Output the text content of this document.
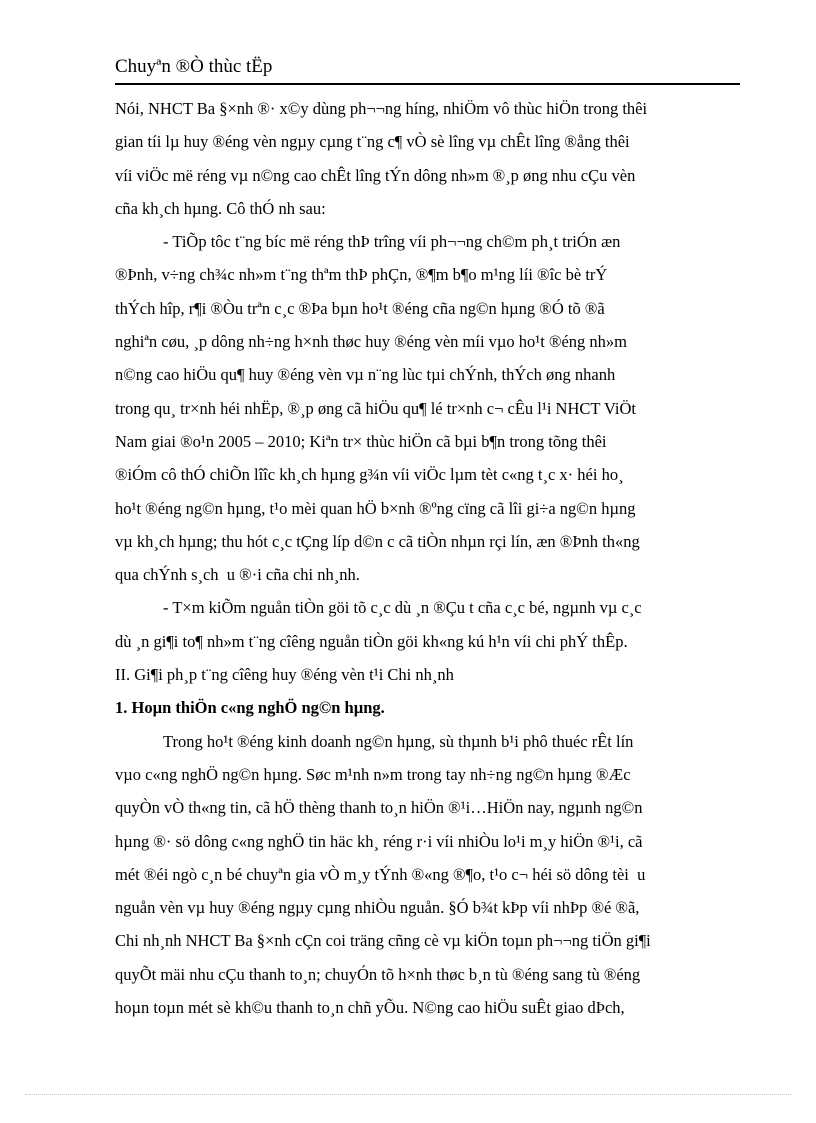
Chuyªn ®Ò thùc tËp

Nói, NHCT Ba §×nh ®· x©y dùng ph¬¬ng híng, nhiÖm vô thùc hiÖn trong thêi
gian tíi lµ huy ®éng vèn ngµy cµng t¨ng c¶ vÒ sè lîng vµ chÊt lîng ®ång thêi
víi viÖc më réng vµ n©ng cao chÊt lîng tÝn dông nh»m ®¸p øng nhu cÇu vèn
cña kh¸ch hµng. Cô thÓ nh sau:

- TiÕp tôc t¨ng bíc më réng thÞ trîng víi ph¬¬ng ch©m ph¸t triÓn æn
®Þnh, v÷ng ch¾c nh»m t¨ng thªm thÞ phÇn, ®¶m b¶o m¹ng líi ®îc bè trÝ
thÝch hîp, r¶i ®Òu trªn c¸c ®Þa bµn ho¹t ®éng cña ng©n hµng ®Ó tõ ®ã
nghiªn cøu, ¸p dông nh÷ng h×nh thøc huy ®éng vèn míi vµo ho¹t ®éng nh»m
n©ng cao hiÖu qu¶ huy ®éng vèn vµ n¨ng lùc tµi chÝnh, thÝch øng nhanh
trong qu¸ tr×nh héi nhËp, ®¸p øng cã hiÖu qu¶ lé tr×nh c¬ cÊu l¹i NHCT ViÖt
Nam giai ®o¹n 2005 – 2010; Kiªn tr× thùc hiÖn cã bµi b¶n trong tõng thêi
®iÓm cô thÓ chiÕn lîîc kh¸ch hµng g¾n víi viÖc lµm tèt c«ng t¸c x· héi ho¸
ho¹t ®éng ng©n hµng, t¹o mèi quan hÖ b×nh ®ºng cïng cã lîi gi÷a ng©n hµng
vµ kh¸ch hµng; thu hót c¸c tÇng líp d©n c cã tiÒn nhµn rçi lín, æn ®Þnh th«ng
qua chÝnh s¸ch u ®·i cña chi nh¸nh.

- T×m kiÕm nguån tiÒn göi tõ c¸c dù ¸n ®Çu t cña c¸c bé, ngµnh vµ c¸c
dù ¸n gi¶i to¶ nh»m t¨ng cîêng nguån tiÒn göi kh«ng kú h¹n víi chi phÝ thÊp.

II. Gi¶i ph¸p t¨ng cîêng huy ®éng vèn t¹i Chi nh¸nh

1. Hoµn thiÖn c«ng nghÖ ng©n hµng.

Trong ho¹t ®éng kinh doanh ng©n hµng, sù thµnh b¹i phô thuéc rÊt lín
vµo c«ng nghÖ ng©n hµng. Søc m¹nh n»m trong tay nh÷ng ng©n hµng ®Æc
quyÒn vÒ th«ng tin, cã hÖ thèng thanh to¸n hiÖn ®¹i…HiÖn nay, ngµnh ng©n
hµng ®· sö dông c«ng nghÖ tin häc kh¸ réng r·i víi nhiÒu lo¹i m¸y hiÖn ®¹i, cã
mét ®éi ngò c¸n bé chuyªn gia vÒ m¸y tÝnh ®«ng ®¶o, t¹o c¬ héi sö dông tèi u
nguån vèn vµ huy ®éng ngµy cµng nhiÒu nguån. §Ó b¾t kÞp víi nhÞp ®é ®ã,
Chi nh¸nh NHCT Ba §×nh cÇn coi träng cñng cè vµ kiÖn toµn ph¬¬ng tiÖn gi¶i
quyÕt mäi nhu cÇu thanh to¸n; chuyÓn tõ h×nh thøc b¸n tù ®éng sang tù ®éng
hoµn toµn mét sè kh©u thanh to¸n chñ yÕu. N©ng cao hiÖu suÊt giao dÞch,
